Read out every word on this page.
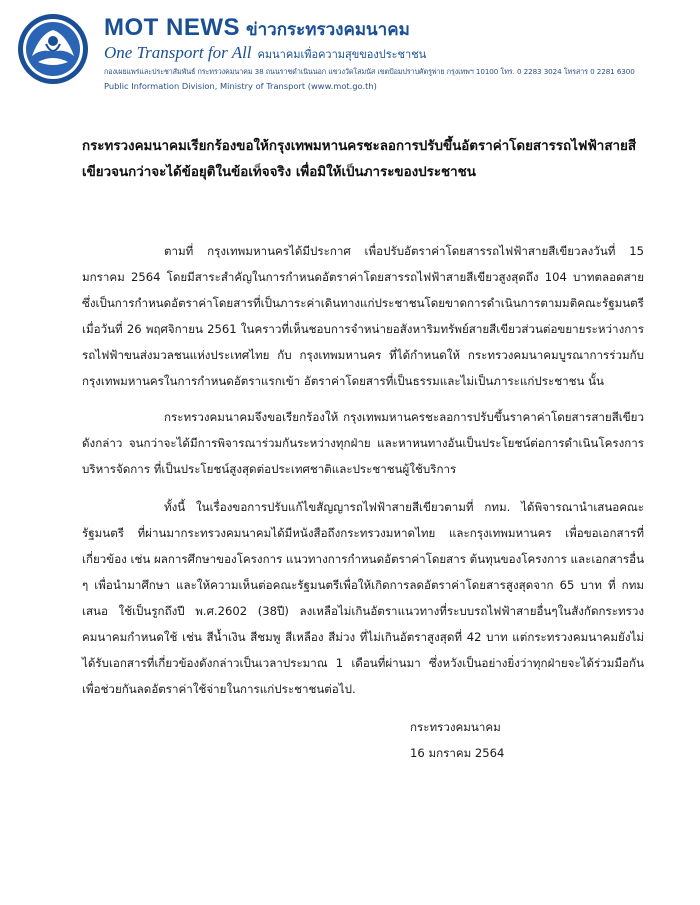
MOT NEWS ข่าวกระทรวงคมนาคม
One Transport for All คมนาคมเพื่อความสุขของประชาชน
กองเผยแพร่และประชาสัมพันธ์ กระทรวงคมนาคม 38 ถนนราชดำเนินนอก แขวงวัดโสมนัส เขตป้อมปราบศัตรูพ่าย กรุงเทพฯ 10100 โทร. 0 2283 3024 โทรสาร 0 2281 6300
Public Information Division, Ministry of Transport (www.mot.go.th)
กระทรวงคมนาคมเรียกร้องขอให้กรุงเทพมหานครชะลอการปรับขึ้นอัตราค่าโดยสารรถไฟฟ้าสายสีเขียวจนกว่าจะได้ข้อยุติในข้อเท็จจริง เพื่อมิให้เป็นภาระของประชาชน
ตามที่ กรุงเทพมหานครได้มีประกาศ เพื่อปรับอัตราค่าโดยสารรถไฟฟ้าสายสีเขียวลงวันที่ 15 มกราคม 2564 โดยมีสาระสำคัญในการกำหนดอัตราค่าโดยสารรถไฟฟ้าสายสีเขียวสูงสุดถึง 104 บาทตลอดสาย ซึ่งเป็นการกำหนดอัตราค่าโดยสารที่เป็นภาระค่าเดินทางแก่ประชาชนโดยขาดการดำเนินการตามมติคณะรัฐมนตรี เมื่อวันที่ 26 พฤศจิกายน 2561 ในคราวที่เห็นชอบการจำหน่ายอสังหาริมทรัพย์สายสีเขียวส่วนต่อขยายระหว่างการรถไฟฟ้าขนส่งมวลชนแห่งประเทศไทย กับ กรุงเทพมหานคร ที่ได้กำหนดให้ กระทรวงคมนาคมบูรณาการร่วมกับกรุงเทพมหานครในการกำหนดอัตราแรกเข้า อัตราค่าโดยสารที่เป็นธรรมและไม่เป็นภาระแก่ประชาชน นั้น
กระทรวงคมนาคมจึงขอเรียกร้องให้ กรุงเทพมหานครชะลอการปรับขึ้นราคาค่าโดยสารสายสีเขียวดังกล่าว จนกว่าจะได้มีการพิจารณาร่วมกันระหว่างทุกฝ่าย และหาหนทางอันเป็นประโยชน์ต่อการดำเนินโครงการ บริหารจัดการ ที่เป็นประโยชน์สูงสุดต่อประเทศชาติและประชาชนผู้ใช้บริการ
ทั้งนี้ ในเรื่องขอการปรับแก้ไขสัญญารถไฟฟ้าสายสีเขียวตามที่ กทม. ได้พิจารณานำเสนอคณะรัฐมนตรี ที่ผ่านมากระทรวงคมนาคมได้มีหนังสือถึงกระทรวงมหาดไทย และกรุงเทพมหานคร เพื่อขอเอกสารที่เกี่ยวข้อง เช่น ผลการศึกษาของโครงการ แนวทางการกำหนดอัตราค่าโดยสาร ต้นทุนของโครงการ และเอกสารอื่น ๆ เพื่อนำมาศึกษา และให้ความเห็นต่อคณะรัฐมนตรีเพื่อให้เกิดการลดอัตราค่าโดยสารสูงสุดจาก 65 บาท ที่ กทม เสนอ ใช้เป็นรูกถึงปี พ.ศ.2602 (38ปี) ลงเหลือไม่เกินอัตราแนวทางที่ระบบรถไฟฟ้าสายอื่นๆในสังกัดกระทรวงคมนาคมกำหนดใช้ เช่น สีน้ำเงิน สีชมพู สีเหลือง สีม่วง ที่ไม่เกินอัตราสูงสุดที่ 42 บาท แต่กระทรวงคมนาคมยังไม่ได้รับเอกสารที่เกี่ยวข้องดังกล่าวเป็นเวลาประมาณ 1 เดือนที่ผ่านมา ซึ่งหวังเป็นอย่างยิ่งว่าทุกฝ่ายจะได้ร่วมมือกัน เพื่อช่วยกันลดอัตราค่าใช้จ่ายในการแก่ประชาชนต่อไป.
กระทรวงคมนาคม
16 มกราคม 2564
